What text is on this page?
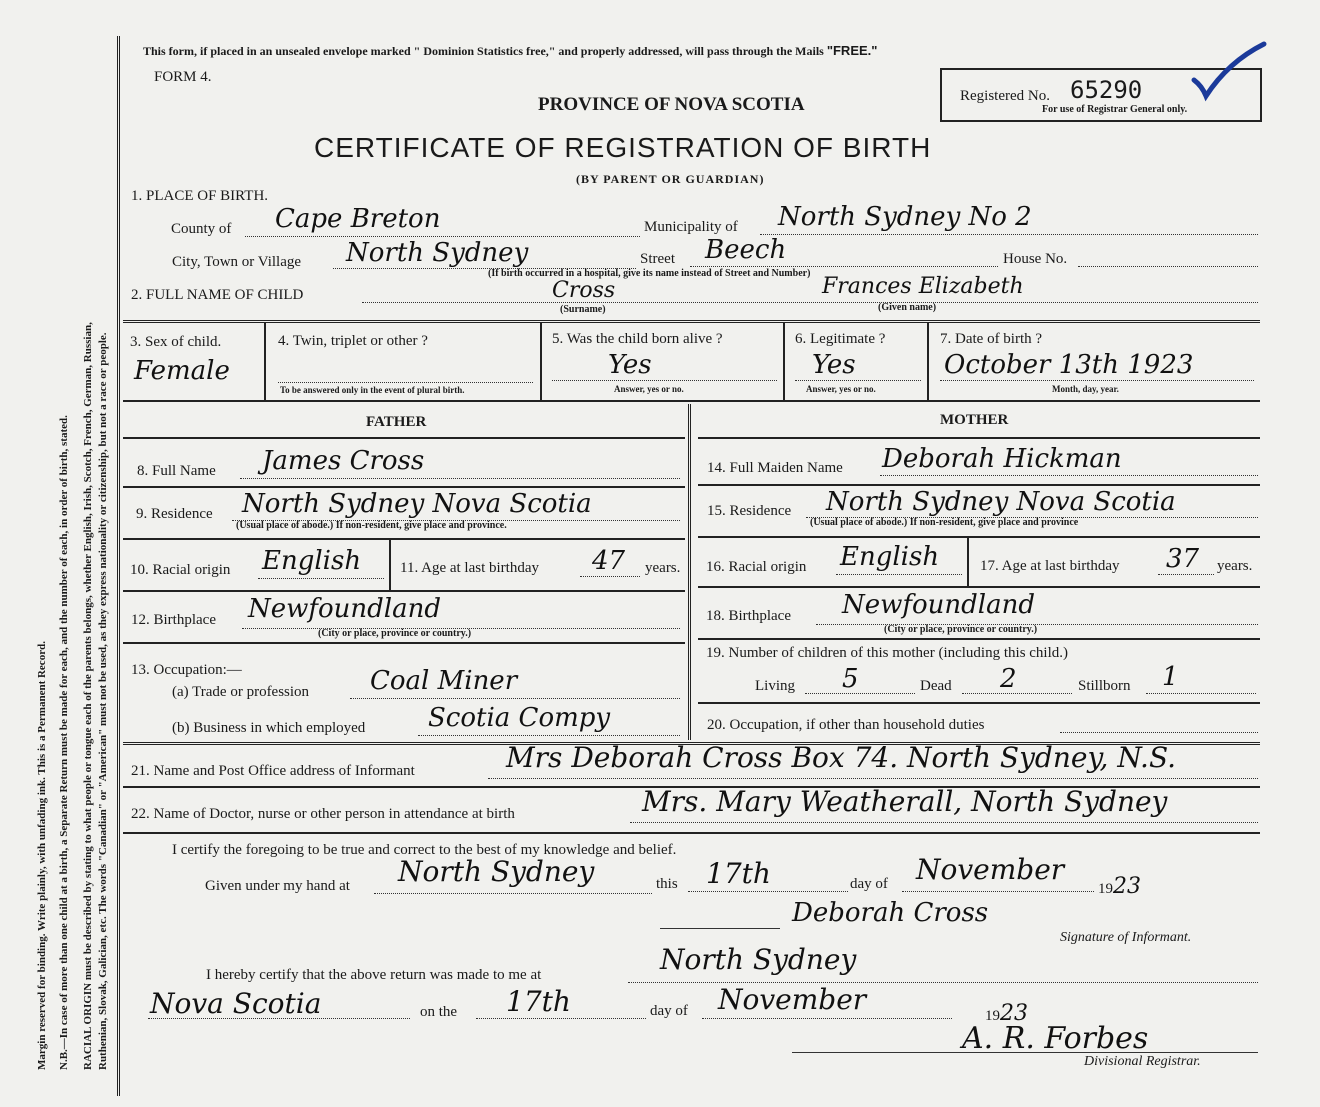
Margin reserved for binding. Write plainly, with unfading ink. This is a Permanent Record. N.B.—In case of more than one child at a birth, a Separate Return must be made for each, and the number of each, in order of birth, stated. RACIAL ORIGIN must be described by stating to what people or tongue each of the parents belongs, whether English, Irish, Scotch, French, German, Russian, Ruthenian, Slovak, Galician, etc. The words "Canadian" or "American" must not be used, as they express nationality or citizenship, but not a race or people.
This form, if placed in an unsealed envelope marked " Dominion Statistics free," and properly addressed, will pass through the Mails "FREE."
FORM 4.
PROVINCE OF NOVA SCOTIA	Registered No. 65290
For use of Registrar General only.
CERTIFICATE OF REGISTRATION OF BIRTH
(BY PARENT OR GUARDIAN)
1. PLACE OF BIRTH.
County of Cape Breton	Municipality of North Sydney No 2
City, Town or Village North Sydney	Street Beech	House No.
(If birth occurred in a hospital, give its name instead of Street and Number)
2. FULL NAME OF CHILD	Cross	Frances Elizabeth
(Surname)	(Given name)
3. Sex of child.
Female
4. Twin, triplet or other ?
To be answered only in the event of plural birth.
5. Was the child born alive ?
Yes
Answer, yes or no.
6. Legitimate ?
Yes
Answer, yes or no.
7. Date of birth ?
October 13th 1923
Month, day, year.
FATHER	MOTHER
8. Full Name James Cross
9. Residence North Sydney Nova Scotia
(Usual place of abode.) If non-resident, give place and province.
10. Racial origin English	11. Age at last birthday 47 years.
12. Birthplace Newfoundland
(City or place, province or country.)
13. Occupation:—
(a) Trade or profession Coal Miner
(b) Business in which employed Scotia Compy
14. Full Maiden Name Deborah Hickman
15. Residence North Sydney Nova Scotia
(Usual place of abode.) If non-resident, give place and province
16. Racial origin English	17. Age at last birthday 37 years.
18. Birthplace Newfoundland
(City or place, province or country.)
19. Number of children of this mother (including this child.)
Living 5	Dead 2	Stillborn 1
20. Occupation, if other than household duties
21. Name and Post Office address of Informant	Mrs Deborah Cross Box 74. North Sydney, N.S.
22. Name of Doctor, nurse or other person in attendance at birth	Mrs. Mary Weatherall, North Sydney
I certify the foregoing to be true and correct to the best of my knowledge and belief.
Given under my hand at North Sydney	this 17th	day of November
1923
Deborah Cross
Signature of Informant.
I hereby certify that the above return was made to me at	North Sydney
Nova Scotia	on the 17th	day of November	1923
A. R. Forbes
Divisional Registrar.
